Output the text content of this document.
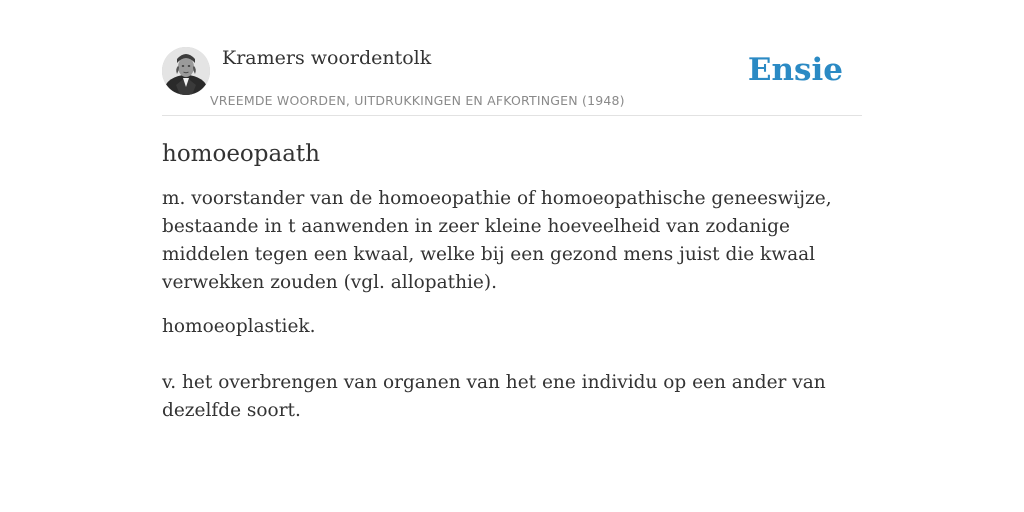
Kramers woordentolk
VREEMDE WOORDEN, UITDRUKKINGEN EN AFKORTINGEN (1948)
Ensie
homoeopaath

m. voorstander van de homoeopathie of homoeopathische geneeswijze, bestaande in t aanwenden in zeer kleine hoeveelheid van zodanige middelen tegen een kwaal, welke bij een gezond mens juist die kwaal verwekken zouden (vgl. allopathie).

homoeoplastiek.

v. het overbrengen van organen van het ene individu op een ander van dezelfde soort.
